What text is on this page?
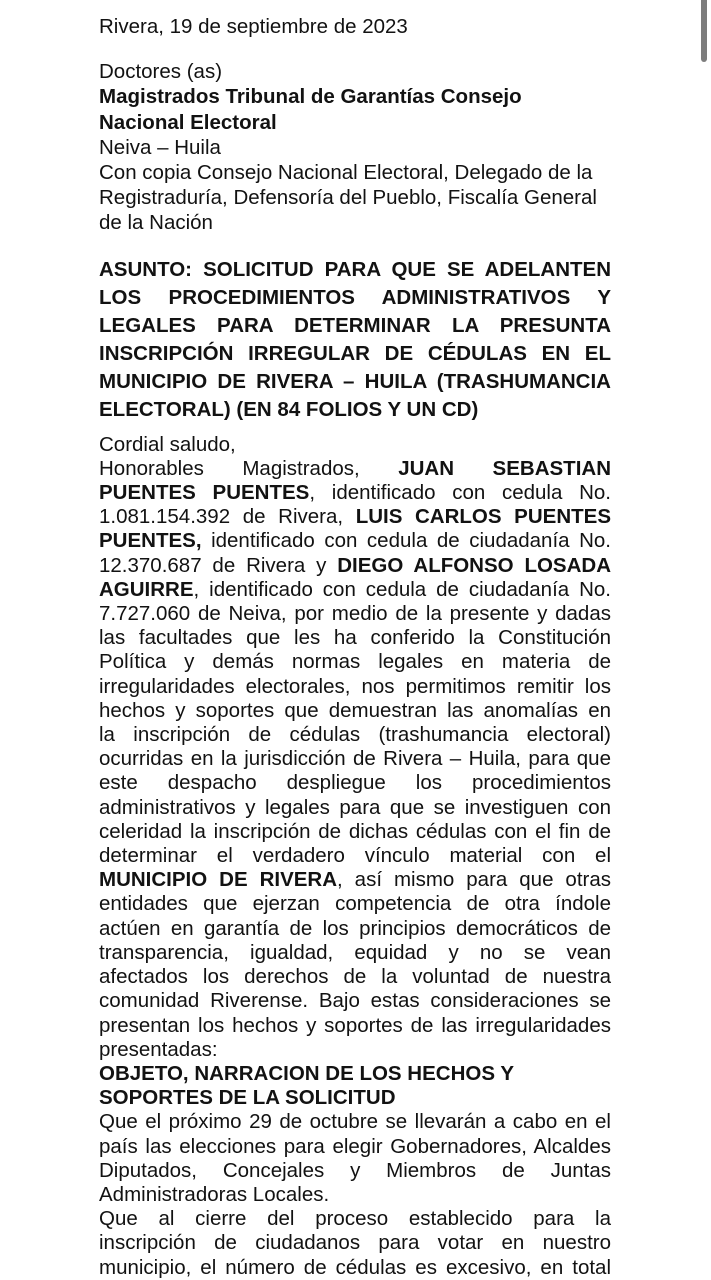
Rivera, 19 de septiembre de 2023
Doctores (as)
Magistrados Tribunal de Garantías Consejo
Nacional Electoral
Neiva – Huila
Con copia Consejo Nacional Electoral, Delegado de la
Registraduría, Defensoría del Pueblo, Fiscalía General
de la Nación
ASUNTO: SOLICITUD PARA QUE SE ADELANTEN
LOS PROCEDIMIENTOS ADMINISTRATIVOS Y
LEGALES PARA DETERMINAR LA PRESUNTA
INSCRIPCIÓN IRREGULAR DE CÉDULAS EN EL
MUNICIPIO DE RIVERA – HUILA (TRASHUMANCIA
ELECTORAL) (EN 84 FOLIOS Y UN CD)
Cordial saludo,
Honorables Magistrados, JUAN SEBASTIAN
PUENTES PUENTES, identificado con cedula No.
1.081.154.392 de Rivera, LUIS CARLOS PUENTES
PUENTES, identificado con cedula de ciudadanía No.
12.370.687 de Rivera y DIEGO ALFONSO LOSADA
AGUIRRE, identificado con cedula de ciudadanía No.
7.727.060 de Neiva, por medio de la presente y dadas
las facultades que les ha conferido la Constitución
Política y demás normas legales en materia de
irregularidades electorales, nos permitimos remitir los
hechos y soportes que demuestran las anomalías en
la inscripción de cédulas (trashumancia electoral)
ocurridas en la jurisdicción de Rivera – Huila, para que
este despacho despliegue los procedimientos
administrativos y legales para que se investiguen con
celeridad la inscripción de dichas cédulas con el fin de
determinar el verdadero vínculo material con el
MUNICIPIO DE RIVERA, así mismo para que otras
entidades que ejerzan competencia de otra índole
actúen en garantía de los principios democráticos de
transparencia, igualdad, equidad y no se vean
afectados los derechos de la voluntad de nuestra
comunidad Riverense. Bajo estas consideraciones se
presentan los hechos y soportes de las irregularidades
presentadas:
OBJETO, NARRACION DE LOS HECHOS Y
SOPORTES DE LA SOLICITUD
Que el próximo 29 de octubre se llevarán a cabo en el
país las elecciones para elegir Gobernadores, Alcaldes
Diputados, Concejales y Miembros de Juntas
Administradoras Locales.
Que al cierre del proceso establecido para la
inscripción de ciudadanos para votar en nuestro
municipio, el número de cédulas es excesivo, en total
